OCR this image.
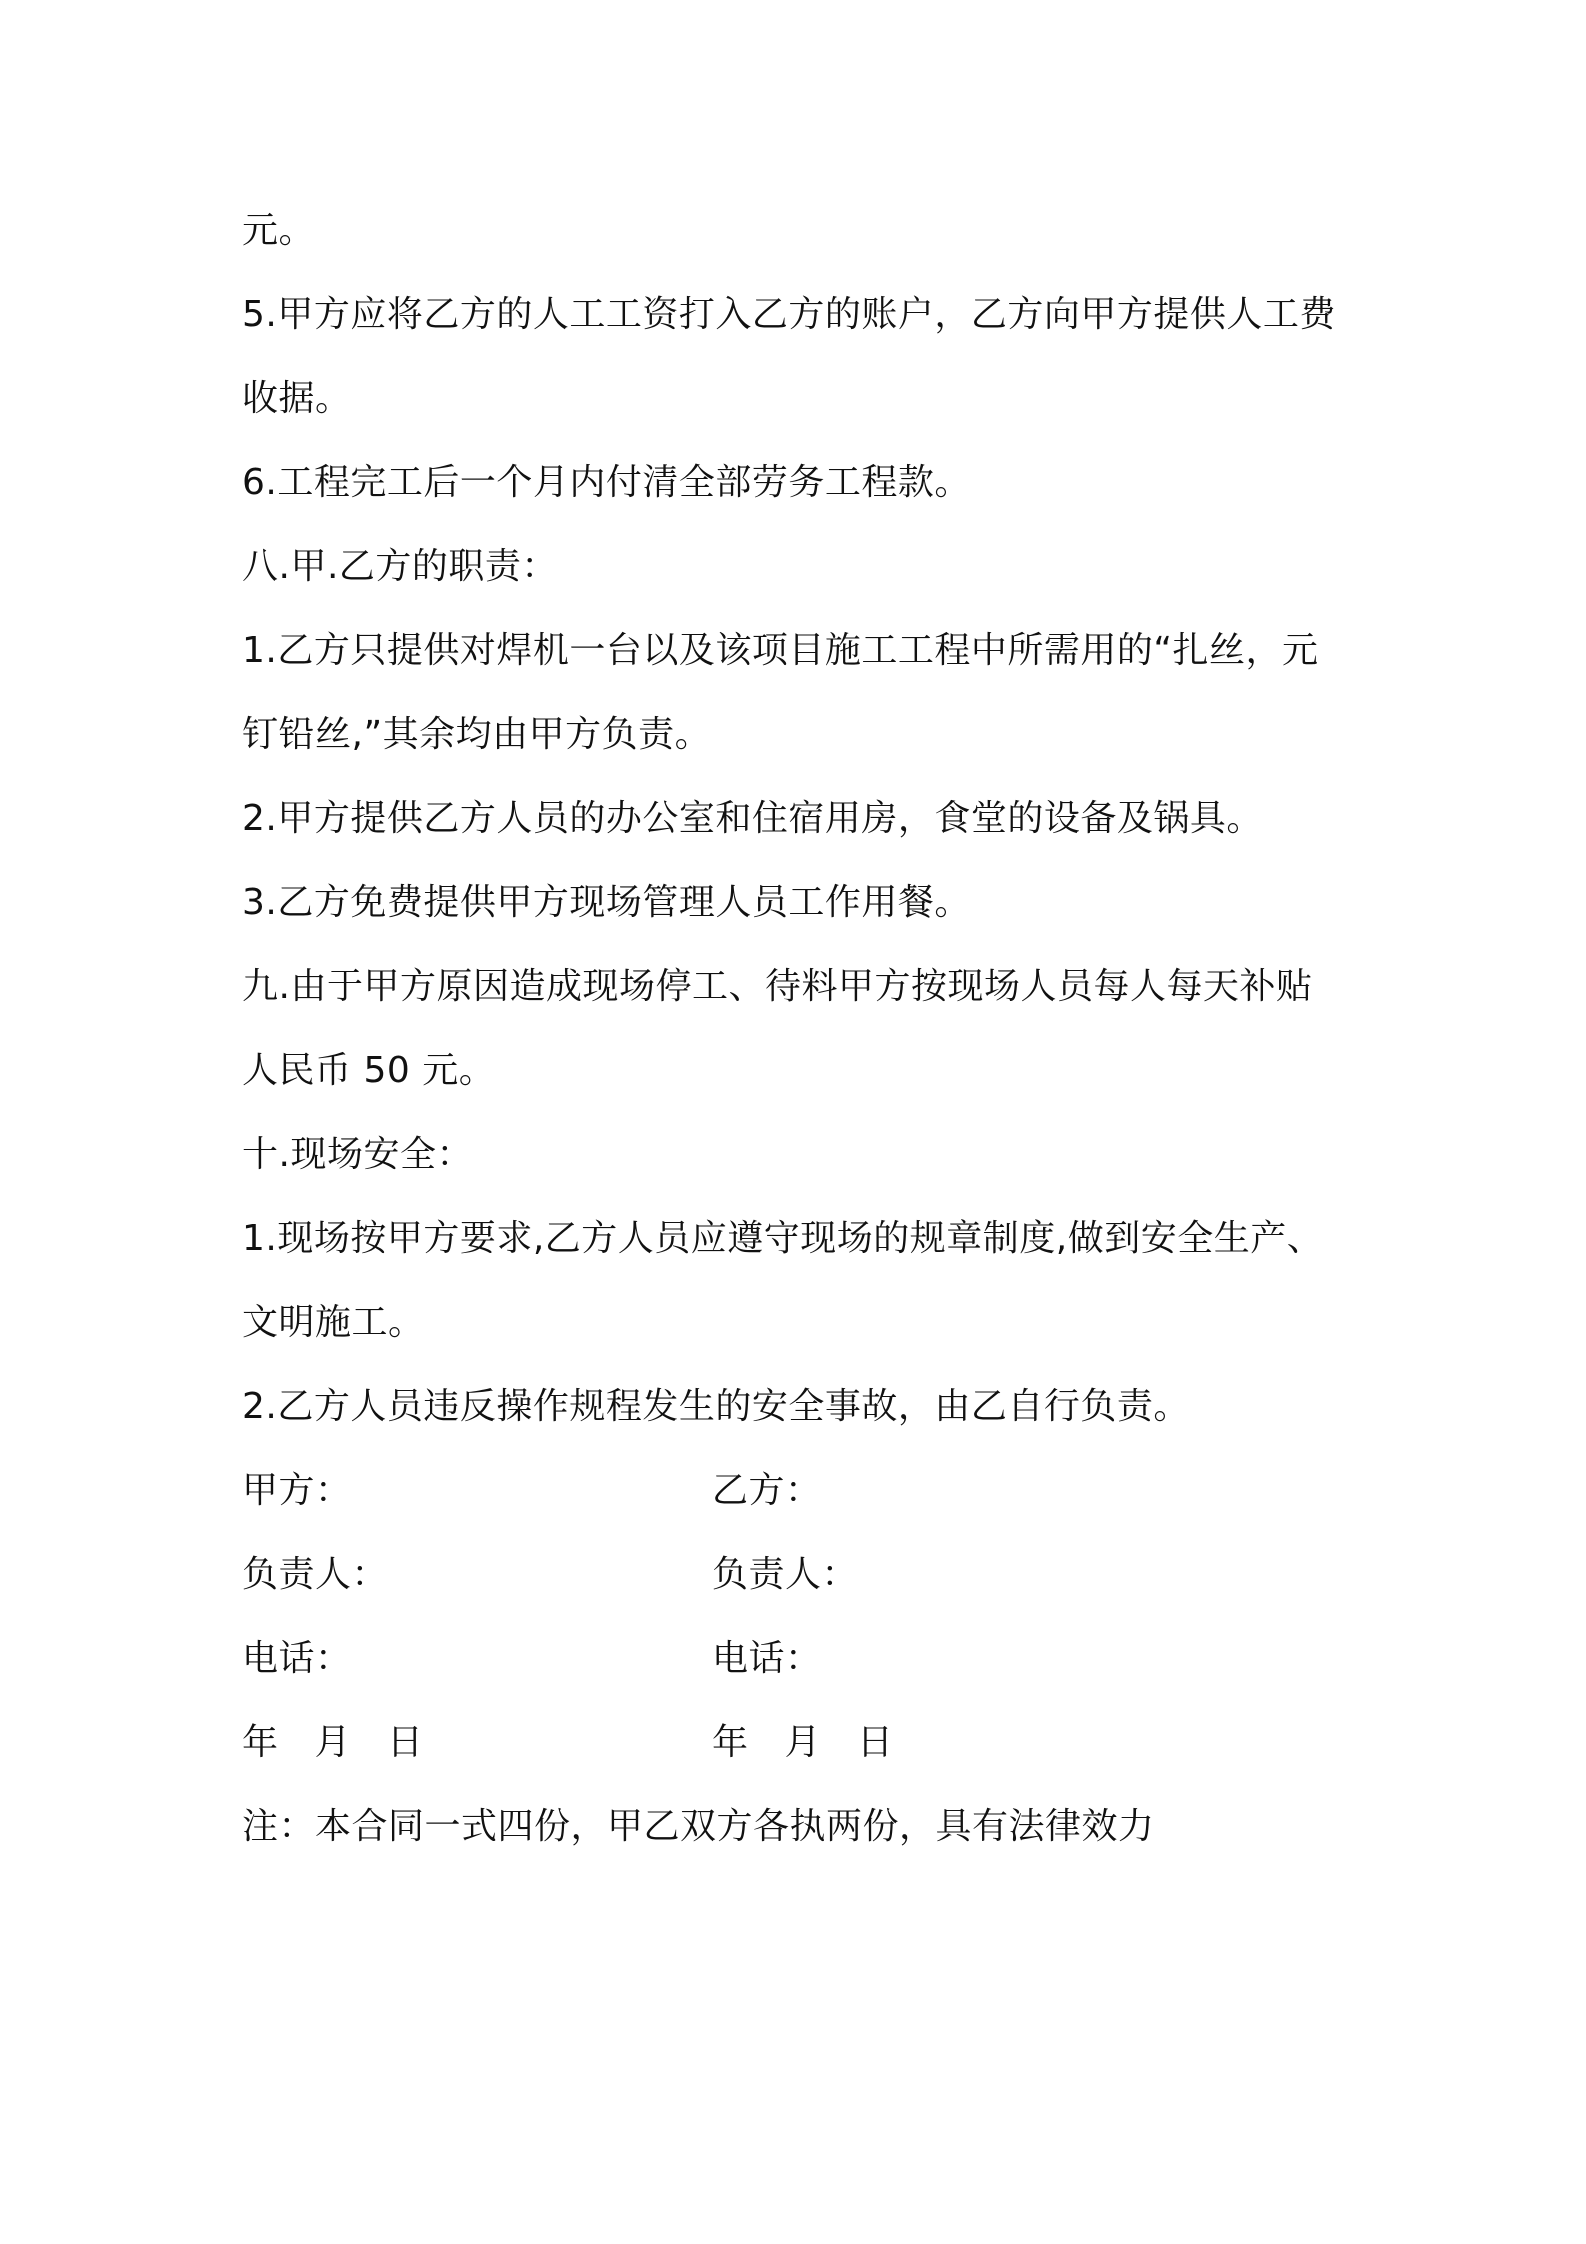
元。
5.甲方应将乙方的人工工资打入乙方的账户，乙方向甲方提供人工费
收据。
6.工程完工后一个月内付清全部劳务工程款。
八.甲.乙方的职责：
1.乙方只提供对焊机一台以及该项目施工工程中所需用的“扎丝，元
钉铅丝,”其余均由甲方负责。
2.甲方提供乙方人员的办公室和住宿用房，食堂的设备及锅具。
3.乙方免费提供甲方现场管理人员工作用餐。
九.由于甲方原因造成现场停工、待料甲方按现场人员每人每天补贴
人民币 50 元。
十.现场安全：
1.现场按甲方要求,乙方人员应遵守现场的规章制度,做到安全生产、
文明施工。
2.乙方人员违反操作规程发生的安全事故，由乙自行负责。
甲方：	乙方：
负责人：	负责人：
电话：	电话：
年 月 日	年 月 日
注：本合同一式四份，甲乙双方各执两份，具有法律效力
